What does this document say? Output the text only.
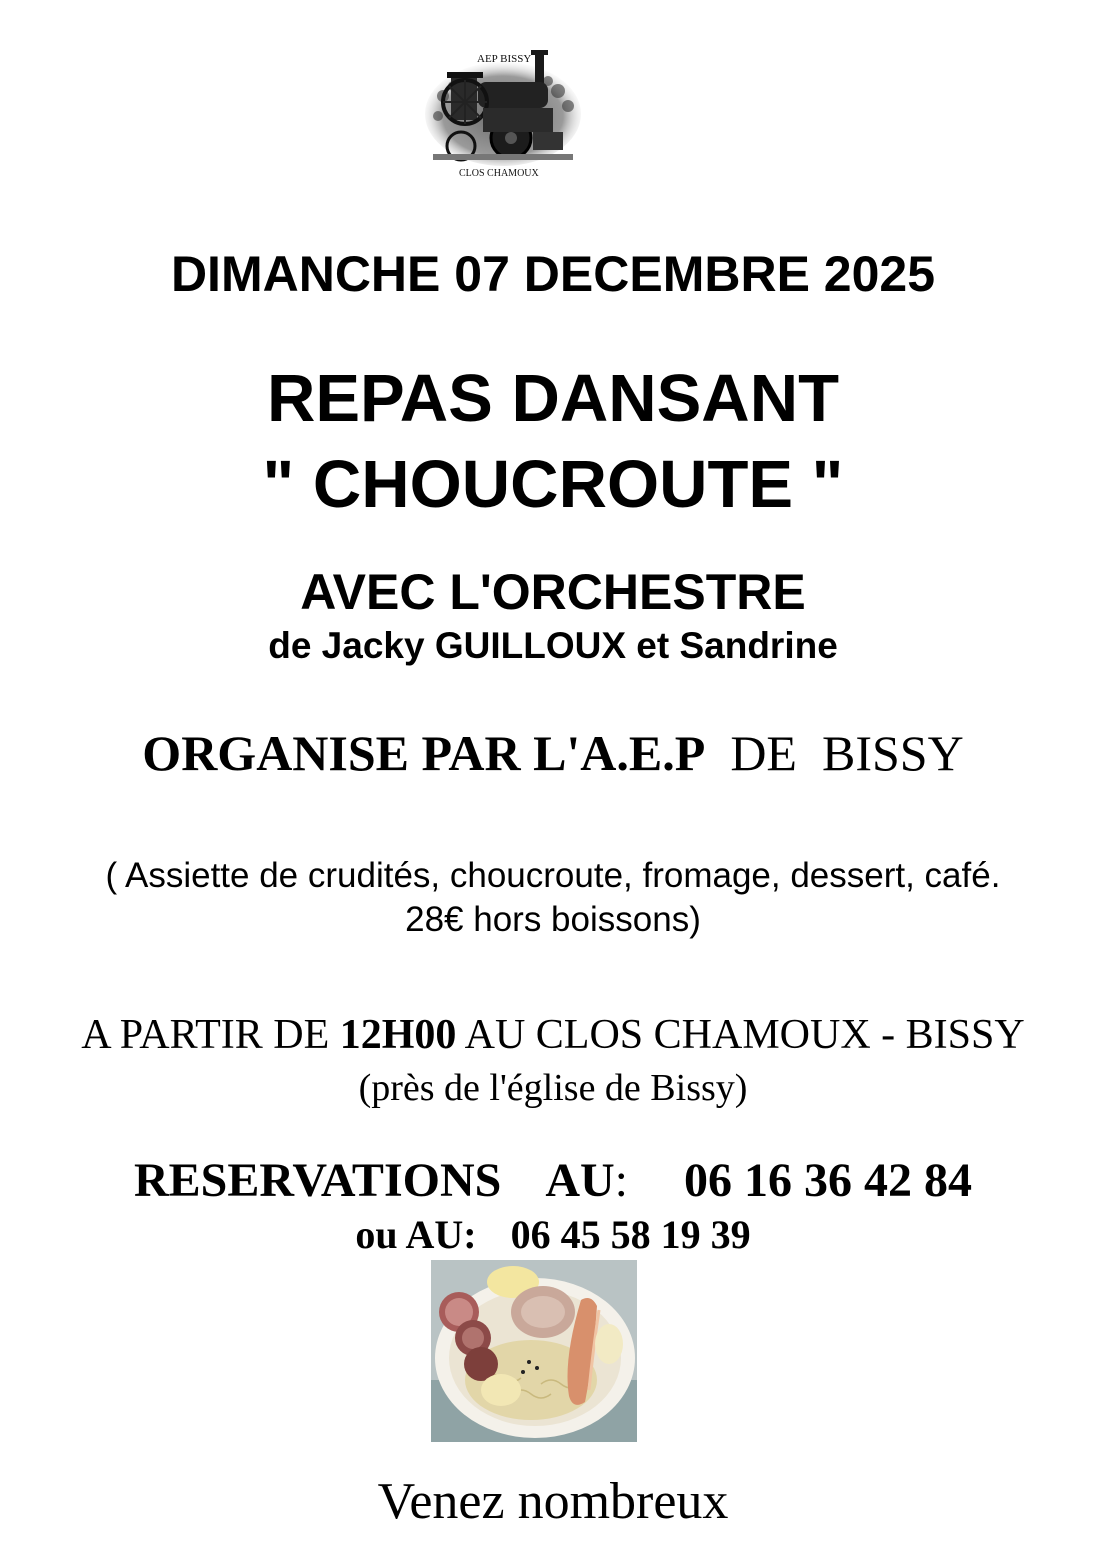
AEP BISSY
CLOS CHAMOUX
DIMANCHE 07 DECEMBRE 2025
REPAS DANSANT
" CHOUCROUTE "
AVEC L'ORCHESTRE
de Jacky GUILLOUX et Sandrine
ORGANISE PAR L'A.E.P  DE  BISSY
( Assiette de crudités, choucroute, fromage, dessert, café.
28€ hors boissons)
A PARTIR DE 12H00 AU CLOS CHAMOUX - BISSY
(près de l'église de Bissy)
RESERVATIONS AU: 06 16 36 42 84
ou AU: 06 45 58 19 39
Venez nombreux
